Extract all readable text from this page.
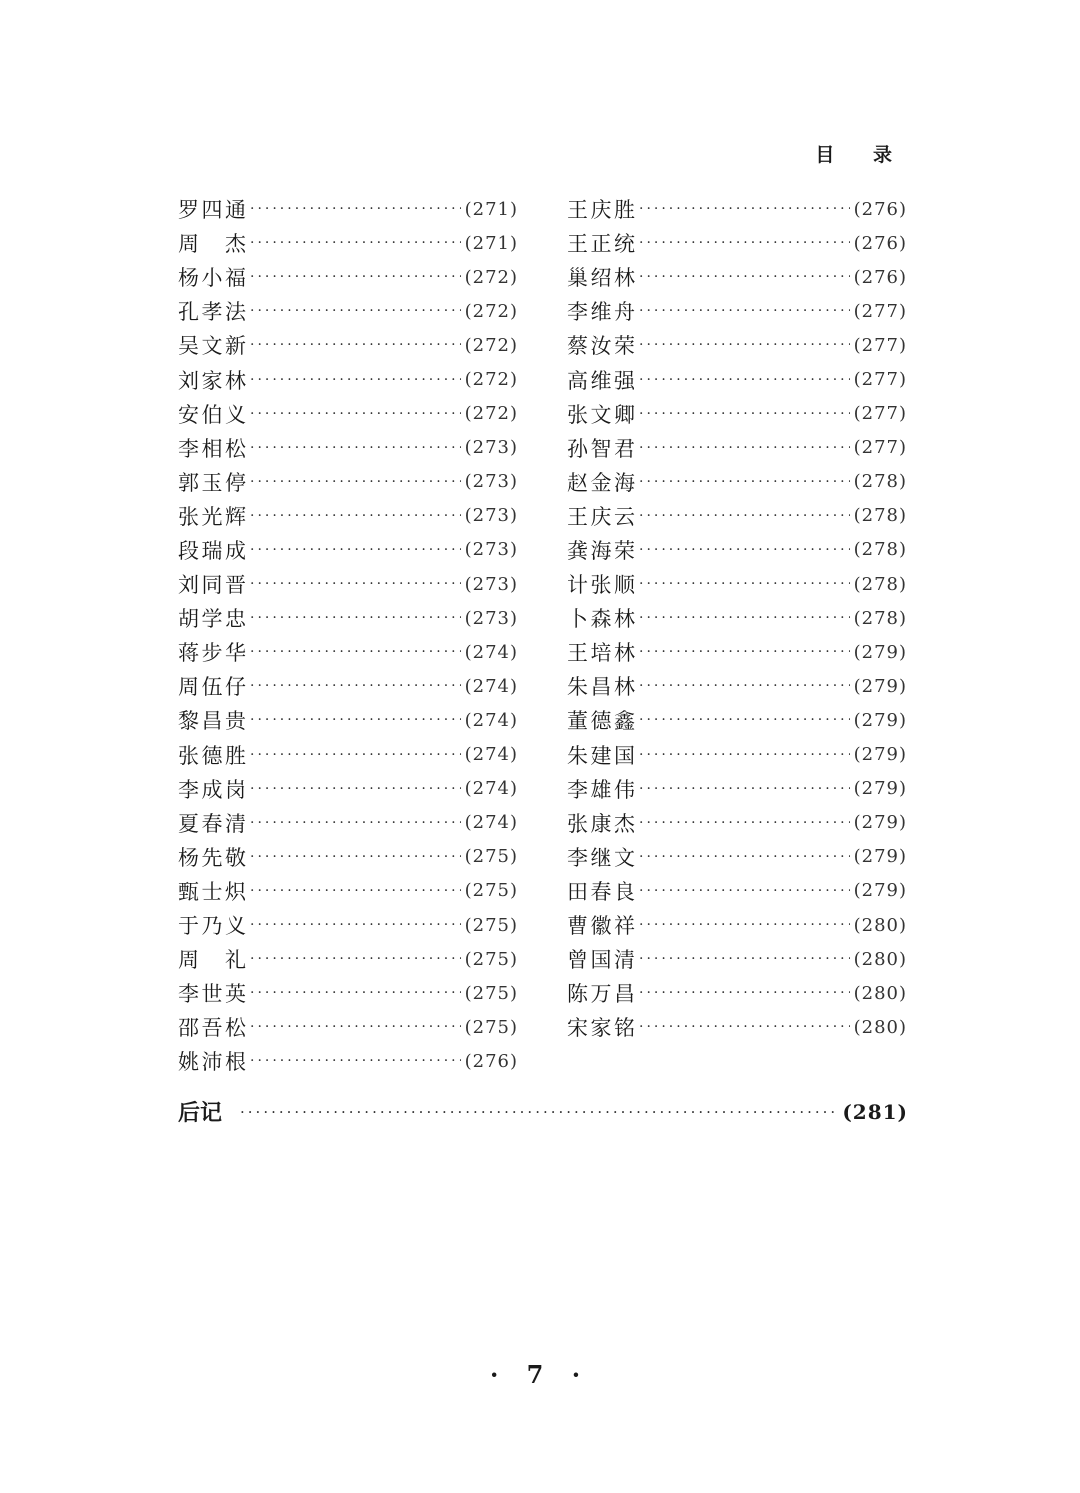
目 录
罗四通 ·····	(271)
周 杰 ·····	(271)
杨小福 ·····	(272)
孔孝法 ·····	(272)
吴文新 ·····	(272)
刘家林 ·····	(272)
安伯义 ·····	(272)
李相松 ·····	(273)
郭玉停 ·····	(273)
张光辉 ·····	(273)
段瑞成 ·····	(273)
刘同晋 ·····	(273)
胡学忠 ·····	(273)
蒋步华 ·····	(274)
周伍仔 ·····	(274)
黎昌贵 ·····	(274)
张德胜 ·····	(274)
李成岗 ·····	(274)
夏春清 ·····	(274)
杨先敬 ·····	(275)
甄士炽 ·····	(275)
于乃义 ·····	(275)
周 礼 ·····	(275)
李世英 ·····	(275)
邵吾松 ·····	(275)
姚沛根 ·····	(276)
王庆胜 ·····	(276)
王正统 ·····	(276)
巢绍林 ·····	(276)
李维舟 ·····	(277)
蔡汝荣 ·····	(277)
高维强 ·····	(277)
张文卿 ·····	(277)
孙智君 ·····	(277)
赵金海 ·····	(278)
王庆云 ·····	(278)
龚海荣 ·····	(278)
计张顺 ·····	(278)
卜森林 ·····	(278)
王培林 ·····	(279)
朱昌林 ·····	(279)
董德鑫 ·····	(279)
朱建国 ·····	(279)
李雄伟 ·····	(279)
张康杰 ·····	(279)
李继文 ·····	(279)
田春良 ·····	(279)
曹徽祥 ·····	(280)
曾国清 ·····	(280)
陈万昌 ·····	(280)
宋家铭 ·····	(280)
后记 ·····	(281)
· 7 ·
